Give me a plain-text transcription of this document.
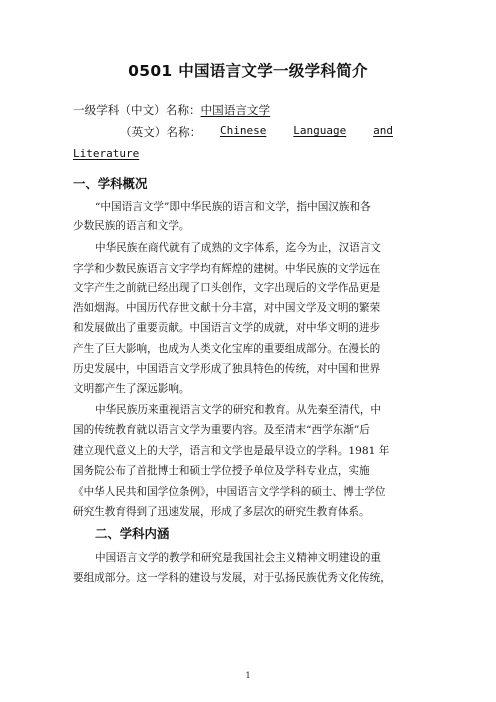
0501 中国语言文学一级学科简介
一级学科（中文）名称：中国语言文学
（英文）名称： Chinese Language and
Literature
一、学科概况
“中国语言文学”即中华民族的语言和文学，指中国汉族和各
少数民族的语言和文学。
中华民族在商代就有了成熟的文字体系，迄今为止，汉语言文
字学和少数民族语言文字学均有辉煌的建树。中华民族的文学远在
文字产生之前就已经出现了口头创作，文字出现后的文学作品更是
浩如烟海。中国历代存世文献十分丰富，对中国文学及文明的繁荣
和发展做出了重要贡献。中国语言文学的成就，对中华文明的进步
产生了巨大影响，也成为人类文化宝库的重要组成部分。在漫长的
历史发展中，中国语言文学形成了独具特色的传统，对中国和世界
文明都产生了深远影响。
中华民族历来重视语言文学的研究和教育。从先秦至清代，中
国的传统教育就以语言文学为重要内容。及至清末“西学东渐”后
建立现代意义上的大学，语言和文学也是最早设立的学科。1981 年
国务院公布了首批博士和硕士学位授予单位及学科专业点，实施
《中华人民共和国学位条例》，中国语言文学学科的硕士、博士学位
研究生教育得到了迅速发展，形成了多层次的研究生教育体系。
二、学科内涵
中国语言文学的教学和研究是我国社会主义精神文明建设的重
要组成部分。这一学科的建设与发展，对于弘扬民族优秀文化传统，
1
